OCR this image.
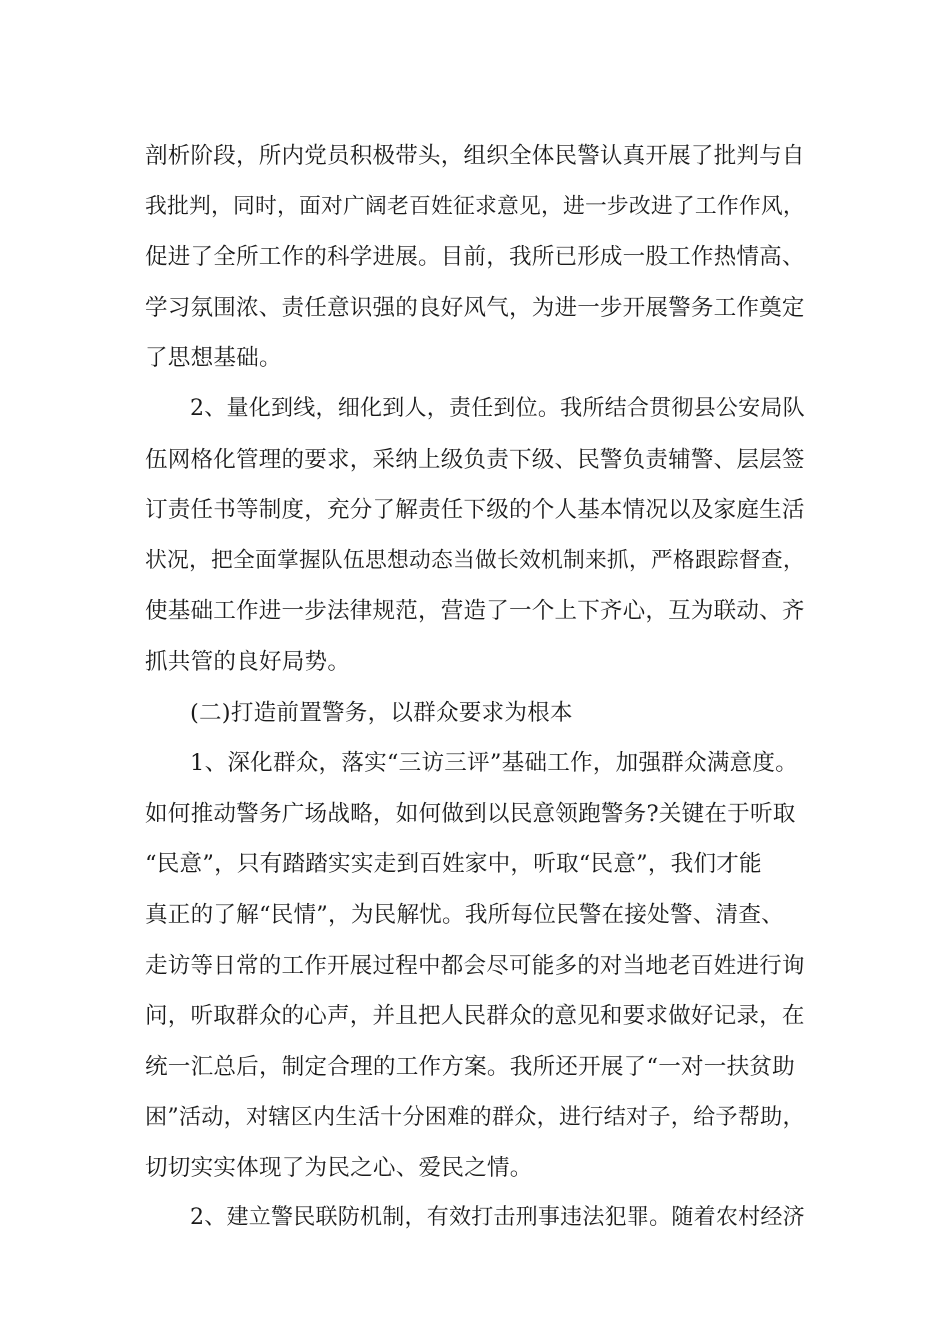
剖析阶段，所内党员积极带头，组织全体民警认真开展了批判与自
我批判，同时，面对广阔老百姓征求意见，进一步改进了工作作风，
促进了全所工作的科学进展。目前，我所已形成一股工作热情高、
学习氛围浓、责任意识强的良好风气，为进一步开展警务工作奠定
了思想基础。
2、量化到线，细化到人，责任到位。我所结合贯彻县公安局队
伍网格化管理的要求，采纳上级负责下级、民警负责辅警、层层签
订责任书等制度，充分了解责任下级的个人基本情况以及家庭生活
状况，把全面掌握队伍思想动态当做长效机制来抓，严格跟踪督查，
使基础工作进一步法律规范，营造了一个上下齐心，互为联动、齐
抓共管的良好局势。
(二)打造前置警务，以群众要求为根本
1、深化群众，落实“三访三评”基础工作，加强群众满意度。
如何推动警务广场战略，如何做到以民意领跑警务?关键在于听取
“民意”，只有踏踏实实走到百姓家中，听取“民意”，我们才能
真正的了解“民情”，为民解忧。我所每位民警在接处警、清查、
走访等日常的工作开展过程中都会尽可能多的对当地老百姓进行询
问，听取群众的心声，并且把人民群众的意见和要求做好记录，在
统一汇总后，制定合理的工作方案。我所还开展了“一对一扶贫助
困”活动，对辖区内生活十分困难的群众，进行结对子，给予帮助，
切切实实体现了为民之心、爱民之情。
2、建立警民联防机制，有效打击刑事违法犯罪。随着农村经济
